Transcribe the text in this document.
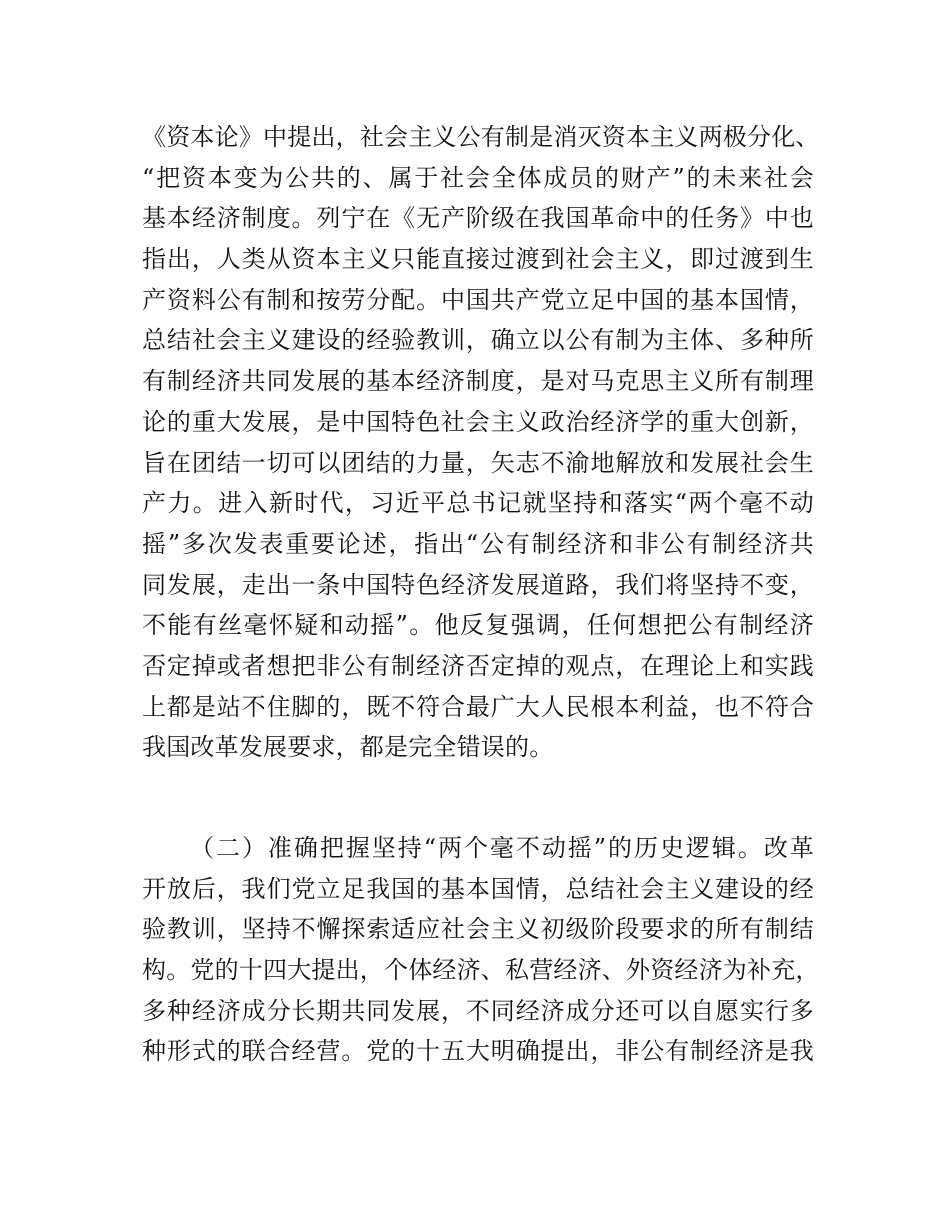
《资本论》中提出，社会主义公有制是消灭资本主义两极分化、
“把资本变为公共的、属于社会全体成员的财产”的未来社会
基本经济制度。列宁在《无产阶级在我国革命中的任务》中也
指出，人类从资本主义只能直接过渡到社会主义，即过渡到生
产资料公有制和按劳分配。中国共产党立足中国的基本国情，
总结社会主义建设的经验教训，确立以公有制为主体、多种所
有制经济共同发展的基本经济制度，是对马克思主义所有制理
论的重大发展，是中国特色社会主义政治经济学的重大创新，
旨在团结一切可以团结的力量，矢志不渝地解放和发展社会生
产力。进入新时代，习近平总书记就坚持和落实“两个毫不动
摇”多次发表重要论述，指出“公有制经济和非公有制经济共
同发展，走出一条中国特色经济发展道路，我们将坚持不变，
不能有丝毫怀疑和动摇”。他反复强调，任何想把公有制经济
否定掉或者想把非公有制经济否定掉的观点，在理论上和实践
上都是站不住脚的，既不符合最广大人民根本利益，也不符合
我国改革发展要求，都是完全错误的。
（二）准确把握坚持“两个毫不动摇”的历史逻辑。改革
开放后，我们党立足我国的基本国情，总结社会主义建设的经
验教训，坚持不懈探索适应社会主义初级阶段要求的所有制结
构。党的十四大提出，个体经济、私营经济、外资经济为补充，
多种经济成分长期共同发展，不同经济成分还可以自愿实行多
种形式的联合经营。党的十五大明确提出，非公有制经济是我
